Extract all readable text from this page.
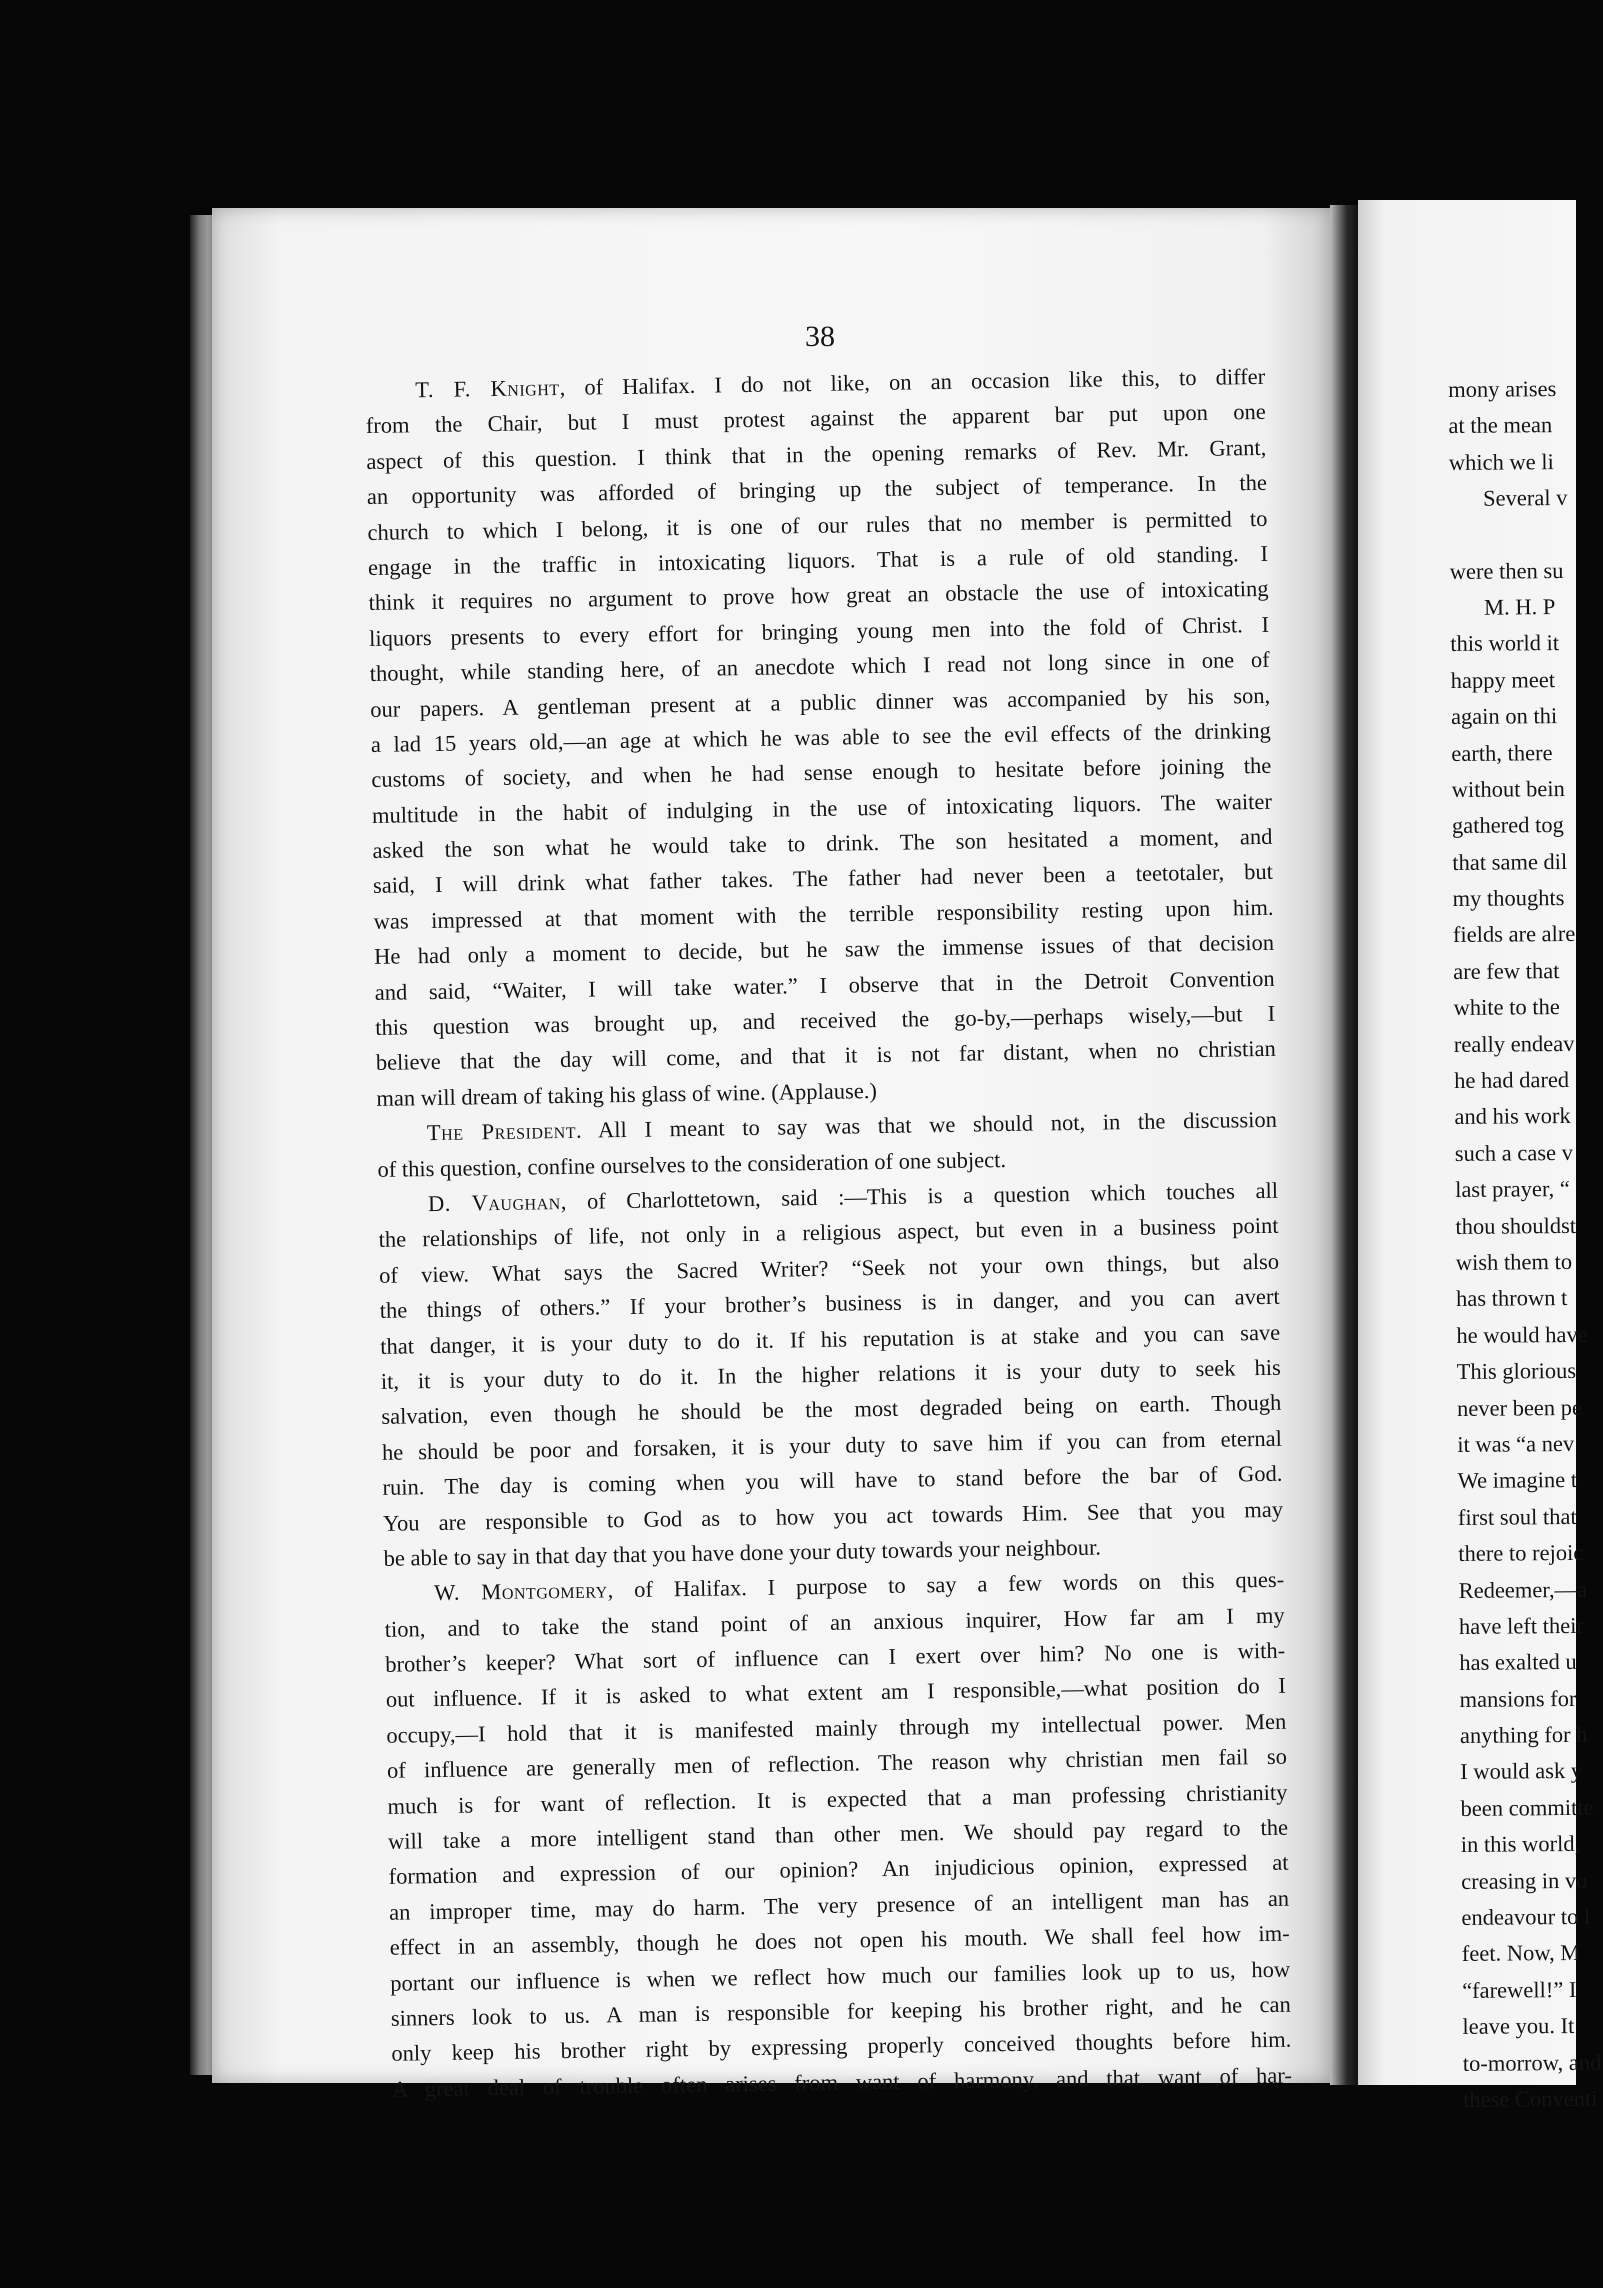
38
T. F. Knight, of Halifax. I do not like, on an occasion like this, to differ
from the Chair, but I must protest against the apparent bar put upon one
aspect of this question. I think that in the opening remarks of Rev. Mr. Grant,
an opportunity was afforded of bringing up the subject of temperance. In the
church to which I belong, it is one of our rules that no member is permitted to
engage in the traffic in intoxicating liquors. That is a rule of old standing. I
think it requires no argument to prove how great an obstacle the use of intoxicating
liquors presents to every effort for bringing young men into the fold of Christ. I
thought, while standing here, of an anecdote which I read not long since in one of
our papers. A gentleman present at a public dinner was accompanied by his son,
a lad 15 years old,—an age at which he was able to see the evil effects of the drinking
customs of society, and when he had sense enough to hesitate before joining the
multitude in the habit of indulging in the use of intoxicating liquors. The waiter
asked the son what he would take to drink. The son hesitated a moment, and
said, I will drink what father takes. The father had never been a teetotaler, but
was impressed at that moment with the terrible responsibility resting upon him.
He had only a moment to decide, but he saw the immense issues of that decision
and said, “Waiter, I will take water.” I observe that in the Detroit Convention
this question was brought up, and received the go-by,—perhaps wisely,—but I
believe that the day will come, and that it is not far distant, when no christian
man will dream of taking his glass of wine. (Applause.)
The President. All I meant to say was that we should not, in the discussion
of this question, confine ourselves to the consideration of one subject.
D. Vaughan, of Charlottetown, said :—This is a question which touches all
the relationships of life, not only in a religious aspect, but even in a business point
of view. What says the Sacred Writer? “Seek not your own things, but also
the things of others.” If your brother’s business is in danger, and you can avert
that danger, it is your duty to do it. If his reputation is at stake and you can save
it, it is your duty to do it. In the higher relations it is your duty to seek his
salvation, even though he should be the most degraded being on earth. Though
he should be poor and forsaken, it is your duty to save him if you can from eternal
ruin. The day is coming when you will have to stand before the bar of God.
You are responsible to God as to how you act towards Him. See that you may
be able to say in that day that you have done your duty towards your neighbour.
W. Montgomery, of Halifax. I purpose to say a few words on this ques-
tion, and to take the stand point of an anxious inquirer, How far am I my
brother’s keeper? What sort of influence can I exert over him? No one is with-
out influence. If it is asked to what extent am I responsible,—what position do I
occupy,—I hold that it is manifested mainly through my intellectual power. Men
of influence are generally men of reflection. The reason why christian men fail so
much is for want of reflection. It is expected that a man professing christianity
will take a more intelligent stand than other men. We should pay regard to the
formation and expression of our opinion? An injudicious opinion, expressed at
an improper time, may do harm. The very presence of an intelligent man has an
effect in an assembly, though he does not open his mouth. We shall feel how im-
portant our influence is when we reflect how much our families look up to us, how
sinners look to us. A man is responsible for keeping his brother right, and he can
only keep his brother right by expressing properly conceived thoughts before him.
A great deal of trouble often arises from want of harmony, and that want of har-
mony arises
at the mean
which we li
Several v
were then su
M. H. P
this world it
happy meet
again on thi
earth, there
without bein
gathered tog
that same dil
my thoughts
fields are alre
are few that
white to the
really endeav
he had dared
and his work
such a case v
last prayer, “
thou shouldst
wish them to
has thrown t
he would have
This glorious
never been pe
it was “a nev
We imagine t
first soul that
there to rejoic
Redeemer,—a
have left their
has exalted u
mansions for
anything for h
I would ask y
been committe
in this world,
creasing in vo
endeavour to l
feet. Now, M
“farewell!” I
leave you. It
to-morrow, and
these Conventi
